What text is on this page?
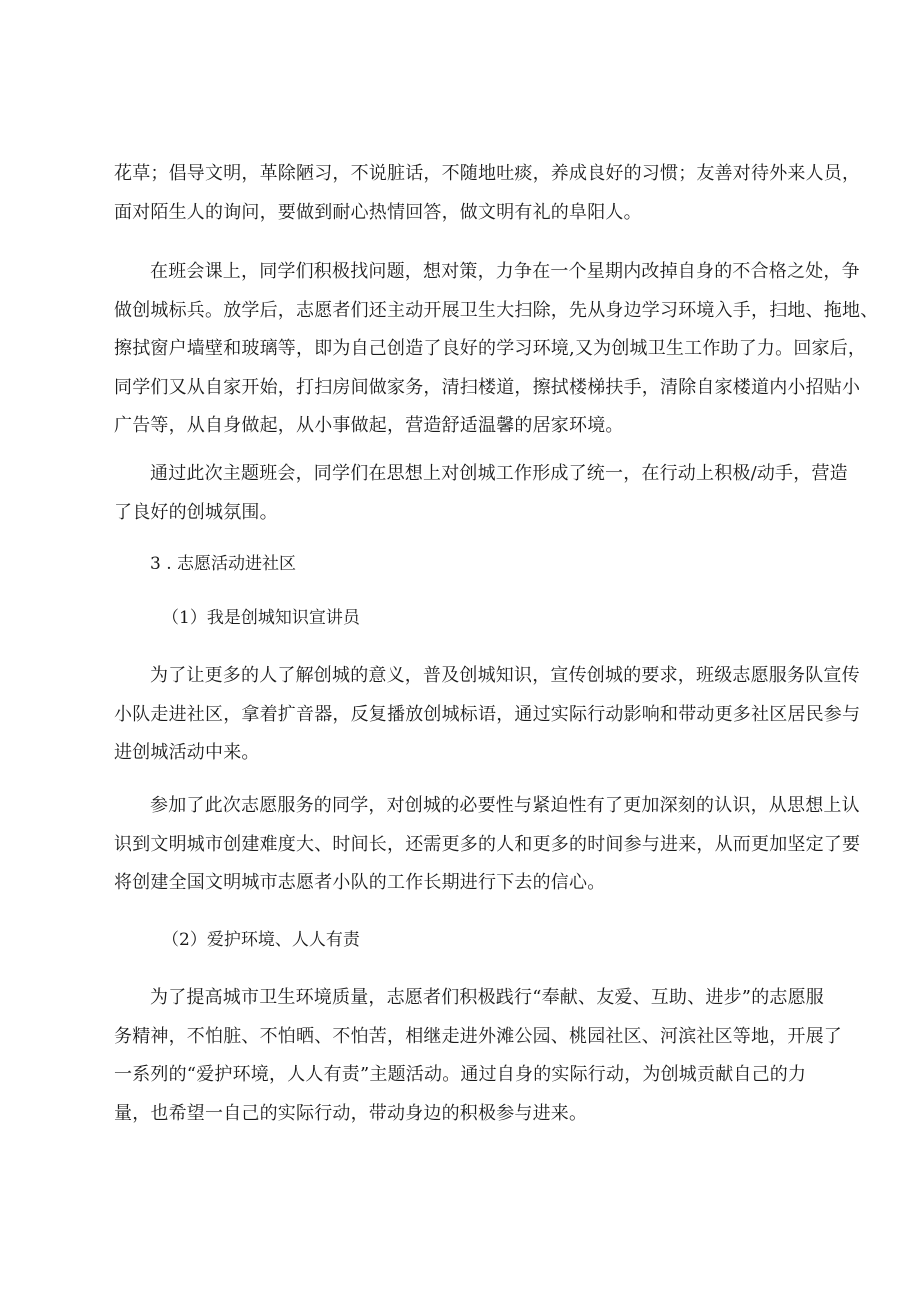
花草；倡导文明，革除陋习，不说脏话，不随地吐痰，养成良好的习惯；友善对待外来人员，
面对陌生人的询问，要做到耐心热情回答，做文明有礼的阜阳人。
在班会课上，同学们积极找问题，想对策，力争在一个星期内改掉自身的不合格之处，争
做创城标兵。放学后，志愿者们还主动开展卫生大扫除，先从身边学习环境入手，扫地、拖地、
擦拭窗户墙壁和玻璃等，即为自己创造了良好的学习环境,又为创城卫生工作助了力。回家后，
同学们又从自家开始，打扫房间做家务，清扫楼道，擦拭楼梯扶手，清除自家楼道内小招贴小
广告等，从自身做起，从小事做起，营造舒适温馨的居家环境。
通过此次主题班会，同学们在思想上对创城工作形成了统一，在行动上积极/动手，营造
了良好的创城氛围。
3 . 志愿活动进社区
（1）我是创城知识宣讲员
为了让更多的人了解创城的意义，普及创城知识，宣传创城的要求，班级志愿服务队宣传
小队走进社区，拿着扩音器，反复播放创城标语，通过实际行动影响和带动更多社区居民参与
进创城活动中来。
参加了此次志愿服务的同学，对创城的必要性与紧迫性有了更加深刻的认识，从思想上认
识到文明城市创建难度大、时间长，还需更多的人和更多的时间参与进来，从而更加坚定了要
将创建全国文明城市志愿者小队的工作长期进行下去的信心。
（2）爱护环境、人人有责
为了提高城市卫生环境质量，志愿者们积极践行“奉献、友爱、互助、进步”的志愿服
务精神，不怕脏、不怕晒、不怕苦，相继走进外滩公园、桃园社区、河滨社区等地，开展了
一系列的“爱护环境，人人有责”主题活动。通过自身的实际行动，为创城贡献自己的力
量，也希望一自己的实际行动，带动身边的积极参与进来。
